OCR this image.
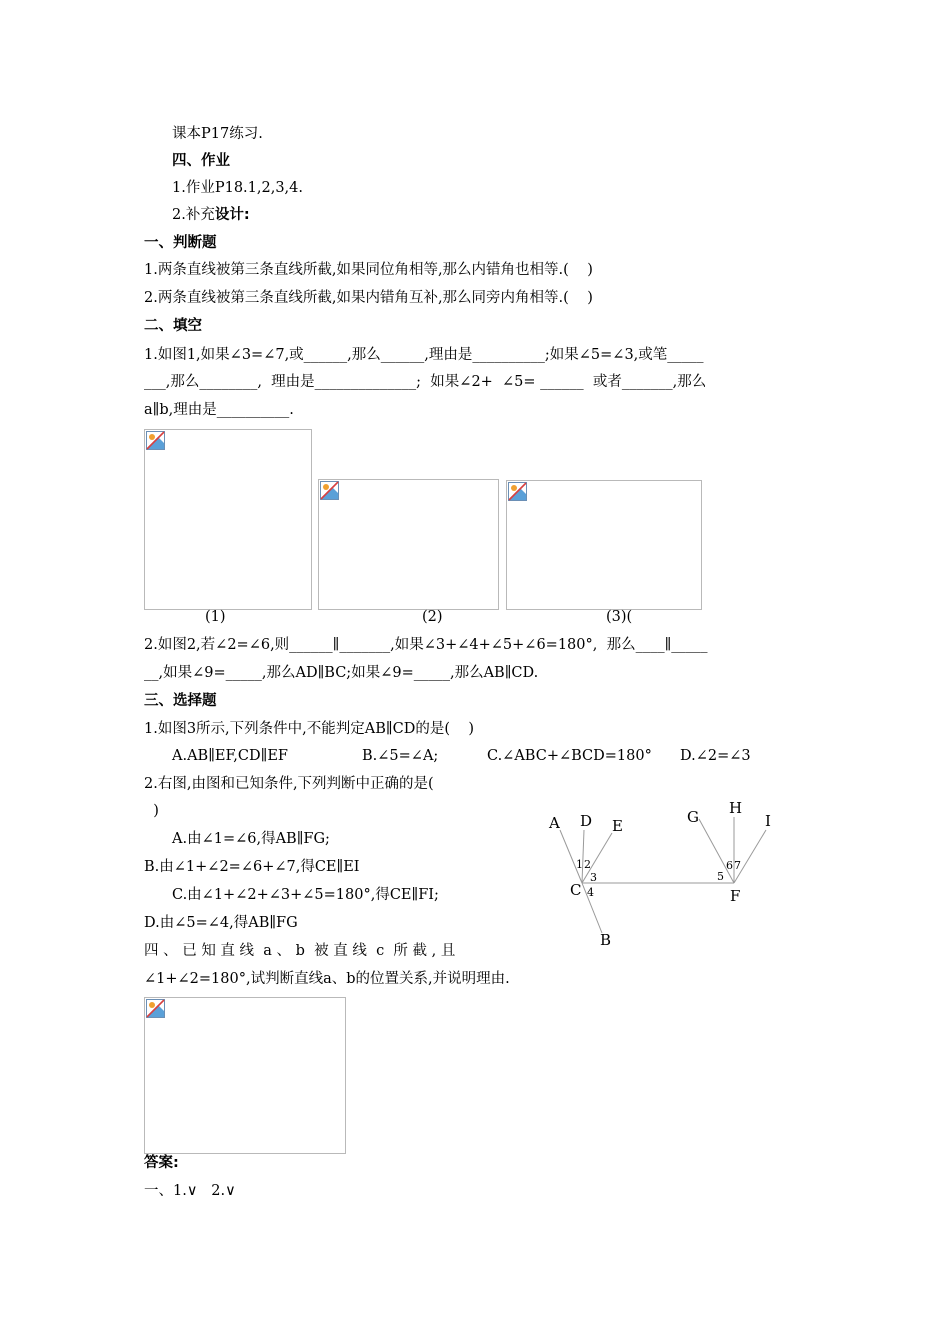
课本P17练习.
四、作业
1.作业P18.1,2,3,4.
2.补充设计:
一、判断题
1.两条直线被第三条直线所截,如果同位角相等,那么内错角也相等.(    )
2.两条直线被第三条直线所截,如果内错角互补,那么同旁内角相等.(    )
二、填空
1.如图1,如果∠3=∠7,或______,那么______,理由是__________;如果∠5=∠3,或笔_____
___,那么________,  理由是______________;  如果∠2+  ∠5= ______  或者_______,那么
a∥b,理由是__________.
(1)	(2)	(3)(
2.如图2,若∠2=∠6,则______∥_______,如果∠3+∠4+∠5+∠6=180°,  那么____∥_____
__,如果∠9=_____,那么AD∥BC;如果∠9=_____,那么AB∥CD.
三、选择题
1.如图3所示,下列条件中,不能判定AB∥CD的是(    )
A.AB∥EF,CD∥EF	B.∠5=∠A;	C.∠ABC+∠BCD=180° D.∠2=∠3
2.右图,由图和已知条件,下列判断中正确的是(
)
A.由∠1=∠6,得AB∥FG;
B.由∠1+∠2=∠6+∠7,得CE∥EI
C.由∠1+∠2+∠3+∠5=180°,得CE∥FI;
D.由∠5=∠4,得AB∥FG
四 、 已 知 直 线  a 、 b  被 直 线  c  所 截 , 且
∠1+∠2=180°,试判断直线a、b的位置关系,并说明理由.
A D E
C
B
G H
I
F
1 2
3
4
5
6 7
答案:
一、1.∨   2.∨
